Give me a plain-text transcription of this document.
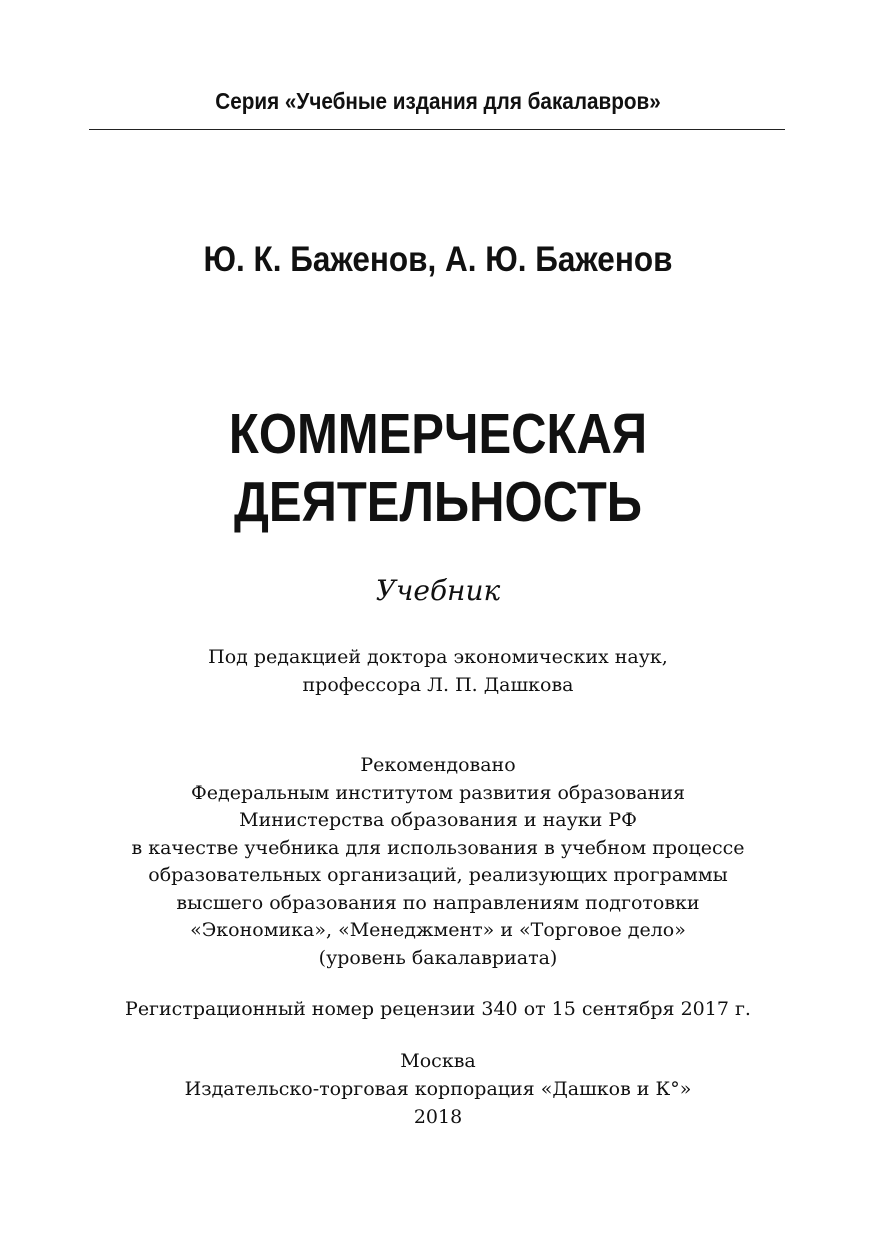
Серия «Учебные издания для бакалавров»
Ю. К. Баженов, А. Ю. Баженов
КОММЕРЧЕСКАЯ
ДЕЯТЕЛЬНОСТЬ
Учебник
Под редакцией доктора экономических наук,
профессора Л. П. Дашкова
Рекомендовано
Федеральным институтом развития образования
Министерства образования и науки РФ
в качестве учебника для использования в учебном процессе
образовательных организаций, реализующих программы
высшего образования по направлениям подготовки
«Экономика», «Менеджмент» и «Торговое дело»
(уровень бакалавриата)
Регистрационный номер рецензии 340 от 15 сентября 2017 г.
Москва
Издательско-торговая корпорация «Дашков и К°»
2018
